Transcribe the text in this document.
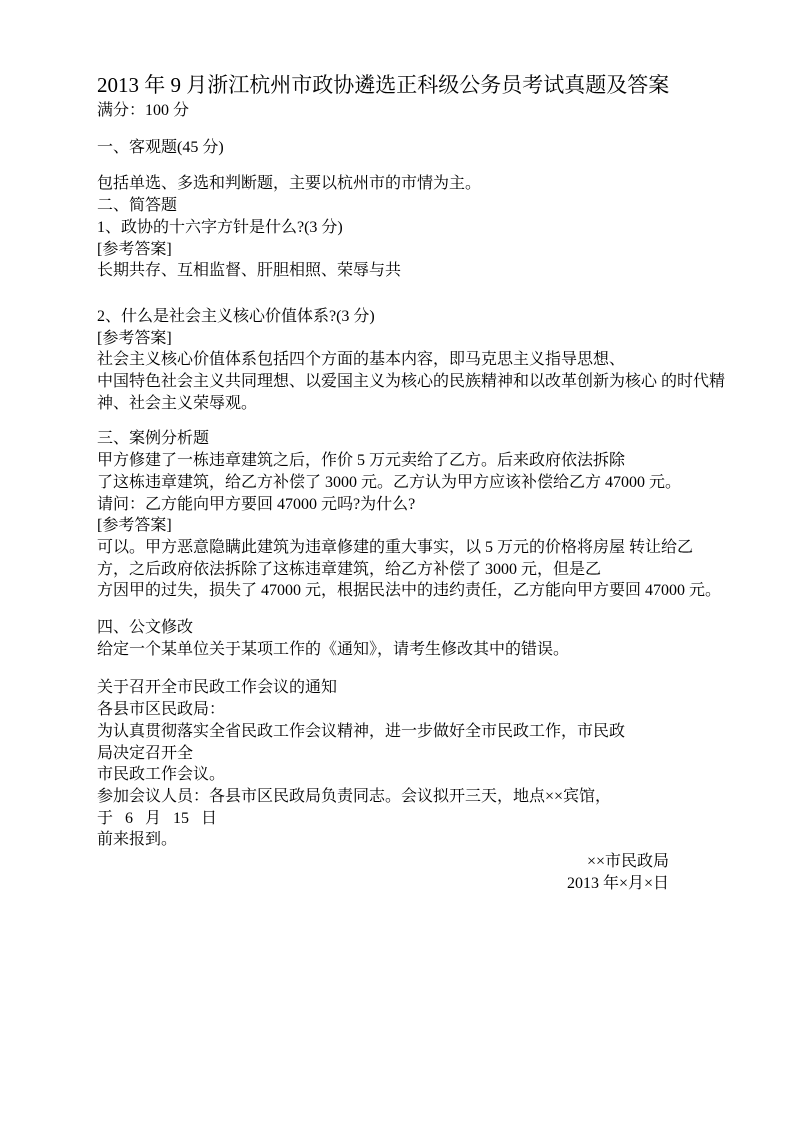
2013 年 9 月浙江杭州市政协遴选正科级公务员考试真题及答案

满分：100 分

一、客观题(45 分)

包括单选、多选和判断题，主要以杭州市的市情为主。

二、简答题

1、政协的十六字方针是什么?(3 分)

[参考答案]

长期共存、互相监督、肝胆相照、荣辱与共

2、什么是社会主义核心价值体系?(3 分)

[参考答案]

社会主义核心价值体系包括四个方面的基本内容，即马克思主义指导思想、

中国特色社会主义共同理想、以爱国主义为核心的民族精神和以改革创新为核心 的时代精

神、社会主义荣辱观。

三、案例分析题

甲方修建了一栋违章建筑之后，作价 5 万元卖给了乙方。后来政府依法拆除

了这栋违章建筑，给乙方补偿了 3000 元。乙方认为甲方应该补偿给乙方 47000 元。

请问：乙方能向甲方要回 47000 元吗?为什么?

[参考答案]

可以。甲方恶意隐瞒此建筑为违章修建的重大事实，以 5 万元的价格将房屋 转让给乙

方，之后政府依法拆除了这栋违章建筑，给乙方补偿了 3000 元，但是乙

方因甲的过失，损失了 47000 元，根据民法中的违约责任，乙方能向甲方要回 47000 元。

四、公文修改

给定一个某单位关于某项工作的《通知》，请考生修改其中的错误。

关于召开全市民政工作会议的通知

各县市区民政局：

为认真贯彻落实全省民政工作会议精神，进一步做好全市民政工作，市民政

局决定召开全

市民政工作会议。

参加会议人员：各县市区民政局负责同志。会议拟开三天，地点××宾馆，

于 6 月 15 日

前来报到。

××市民政局

2013 年×月×日
